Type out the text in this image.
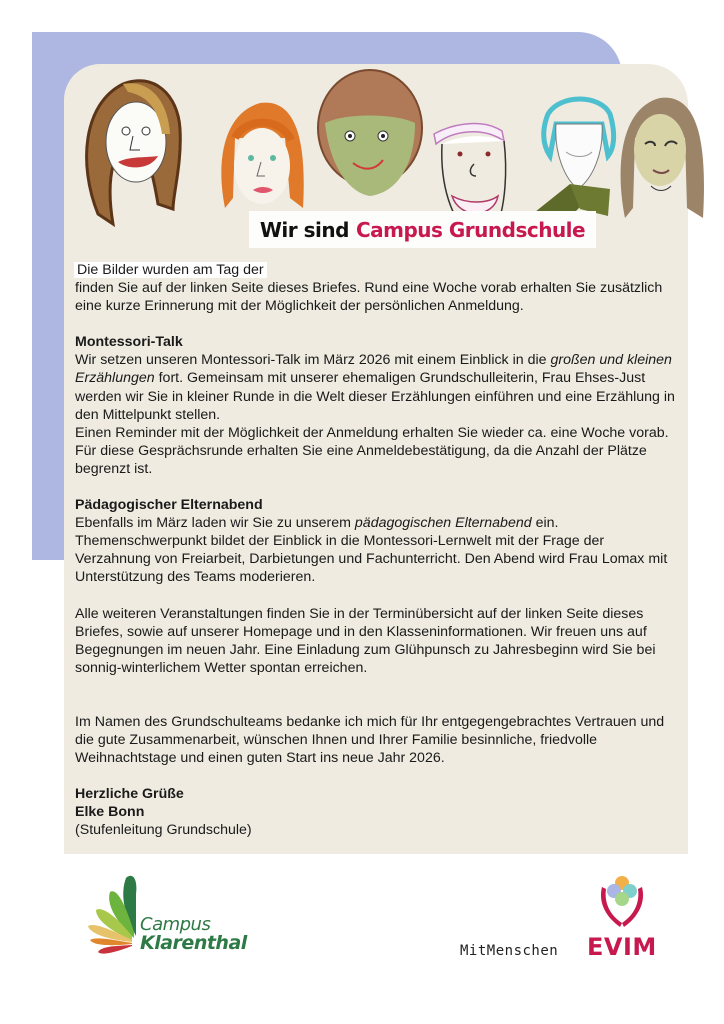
Wir sind Campus Grundschule

Die Bilder wurden am Tag der
finden Sie auf der linken Seite dieses Briefes. Rund eine Woche vorab erhalten Sie zusätzlich eine kurze Erinnerung mit der Möglichkeit der persönlichen Anmeldung.

Montessori-Talk

Wir setzen unseren Montessori-Talk im März 2026 mit einem Einblick in die großen und kleinen Erzählungen fort. Gemeinsam mit unserer ehemaligen Grundschulleiterin, Frau Ehses-Just werden wir Sie in kleiner Runde in die Welt dieser Erzählungen einführen und eine Erzählung in den Mittelpunkt stellen.

Einen Reminder mit der Möglichkeit der Anmeldung erhalten Sie wieder ca. eine Woche vorab. Für diese Gesprächsrunde erhalten Sie eine Anmeldebestätigung, da die Anzahl der Plätze begrenzt ist.

Pädagogischer Elternabend

Ebenfalls im März laden wir Sie zu unserem pädagogischen Elternabend ein. Themenschwerpunkt bildet der Einblick in die Montessori-Lernwelt mit der Frage der Verzahnung von Freiarbeit, Darbietungen und Fachunterricht. Den Abend wird Frau Lomax mit Unterstützung des Teams moderieren.

Alle weiteren Veranstaltungen finden Sie in der Terminübersicht auf der linken Seite dieses Briefes, sowie auf unserer Homepage und in den Klasseninformationen. Wir freuen uns auf Begegnungen im neuen Jahr. Eine Einladung zum Glühpunsch zu Jahresbeginn wird Sie bei sonnig-winterlichem Wetter spontan erreichen.

Im Namen des Grundschulteams bedanke ich mich für Ihr entgegengebrachtes Vertrauen und die gute Zusammenarbeit, wünschen Ihnen und Ihrer Familie besinnliche, friedvolle Weihnachtstage und einen guten Start ins neue Jahr 2026.

Herzliche Grüße

Elke Bonn

(Stufenleitung Grundschule)

Campus
Klarenthal	MitMenschen EVIM
